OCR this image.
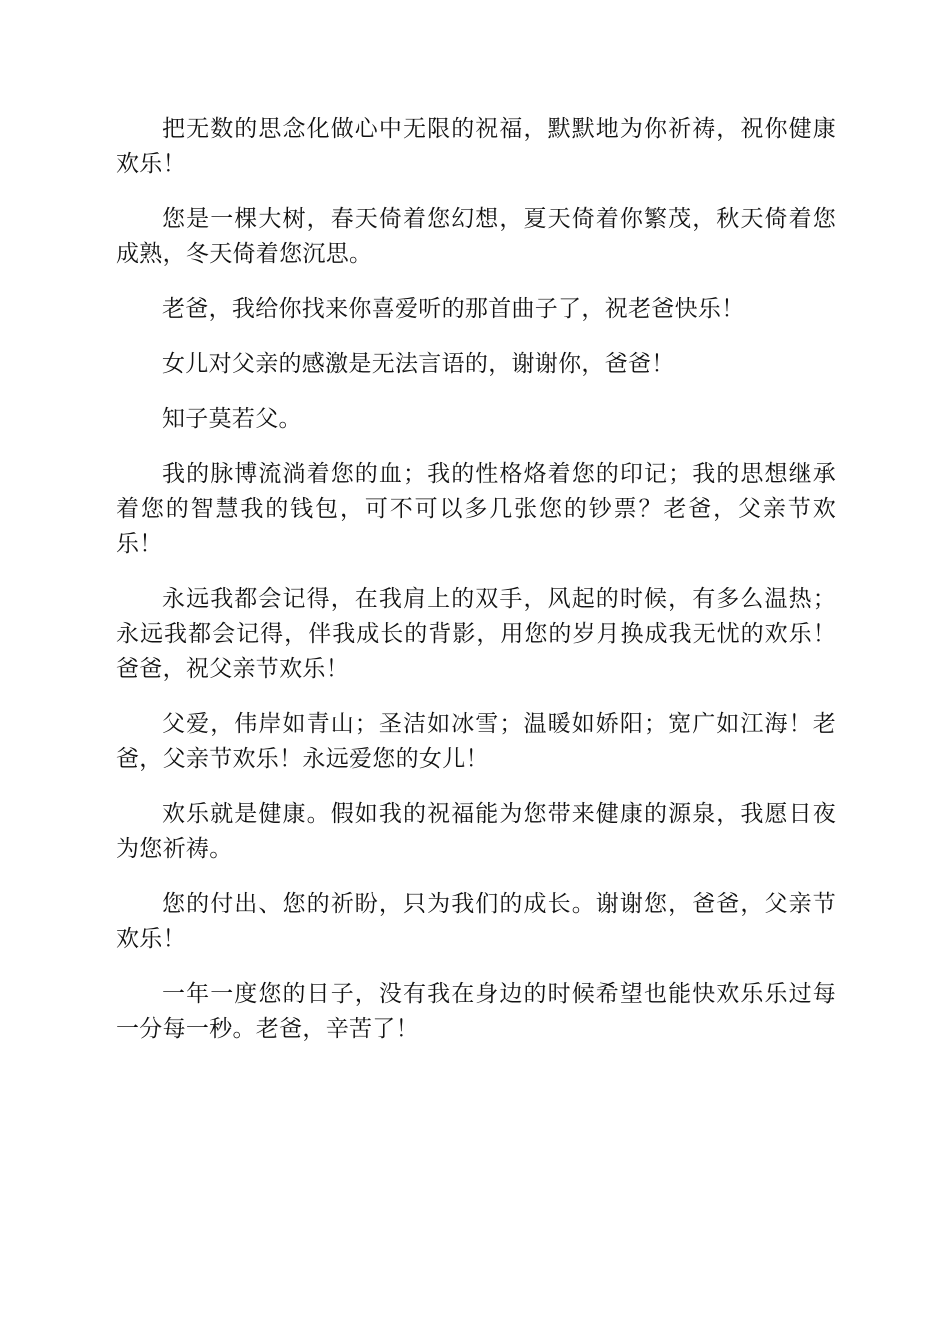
把无数的思念化做心中无限的祝福，默默地为你祈祷，祝你健康欢乐！

您是一棵大树，春天倚着您幻想，夏天倚着你繁茂，秋天倚着您成熟，冬天倚着您沉思。

老爸，我给你找来你喜爱听的那首曲子了，祝老爸快乐！

女儿对父亲的感激是无法言语的，谢谢你，爸爸！

知子莫若父。

我的脉博流淌着您的血；我的性格烙着您的印记；我的思想继承着您的智慧我的钱包，可不可以多几张您的钞票？老爸，父亲节欢乐！

永远我都会记得，在我肩上的双手，风起的时候，有多么温热；永远我都会记得，伴我成长的背影，用您的岁月换成我无忧的欢乐！爸爸，祝父亲节欢乐！

父爱，伟岸如青山；圣洁如冰雪；温暖如娇阳；宽广如江海！老爸，父亲节欢乐！永远爱您的女儿！

欢乐就是健康。假如我的祝福能为您带来健康的源泉，我愿日夜为您祈祷。

您的付出、您的祈盼，只为我们的成长。谢谢您，爸爸，父亲节欢乐！

一年一度您的日子，没有我在身边的时候希望也能快欢乐乐过每一分每一秒。老爸，辛苦了！
